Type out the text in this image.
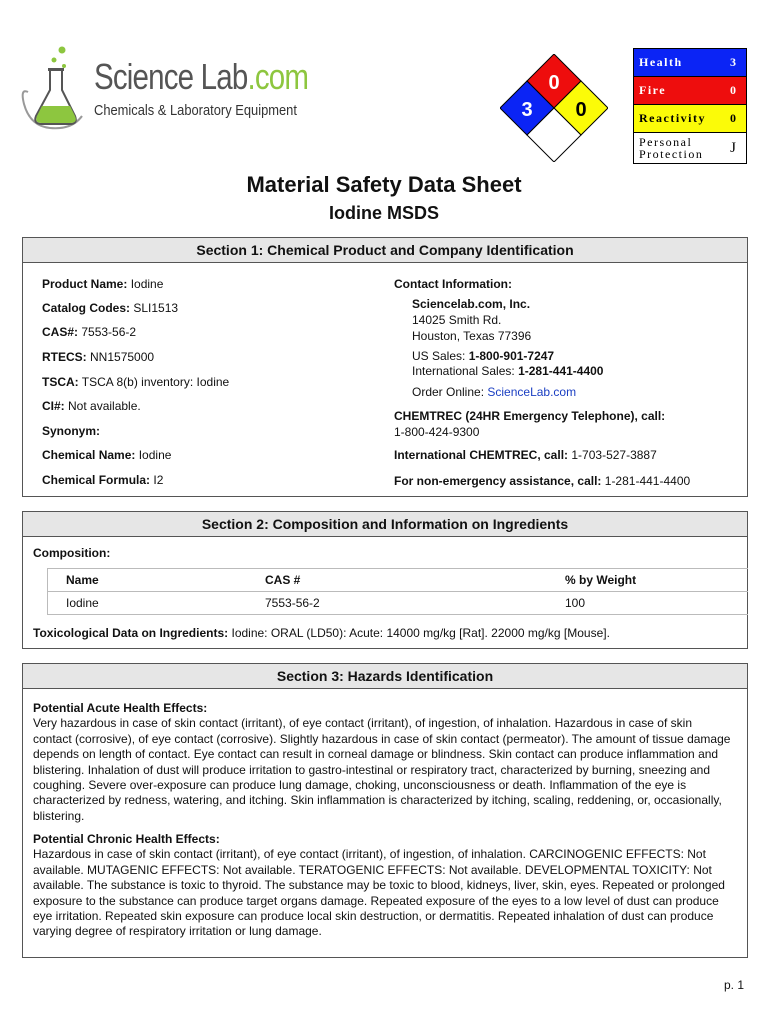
Science Lab.com
Chemicals & Laboratory Equipment
0
3 0
Health	3
Fire	0
Reactivity	0
Personal Protection	J
Material Safety Data Sheet
Iodine MSDS
Section 1: Chemical Product and Company Identification
Product Name: Iodine
Catalog Codes: SLI1513
CAS#: 7553-56-2
RTECS: NN1575000
TSCA: TSCA 8(b) inventory: Iodine
CI#: Not available.
Synonym:
Chemical Name: Iodine
Chemical Formula: I2
Contact Information:
Sciencelab.com, Inc.
14025 Smith Rd.
Houston, Texas 77396
US Sales: 1-800-901-7247
International Sales: 1-281-441-4400
Order Online: ScienceLab.com
CHEMTREC (24HR Emergency Telephone), call:
1-800-424-9300
International CHEMTREC, call: 1-703-527-3887
For non-emergency assistance, call: 1-281-441-4400
Section 2: Composition and Information on Ingredients
Composition:
Name	CAS #	% by Weight
Iodine	7553-56-2	100
Toxicological Data on Ingredients: Iodine: ORAL (LD50): Acute: 14000 mg/kg [Rat]. 22000 mg/kg [Mouse].
Section 3: Hazards Identification
Potential Acute Health Effects:
Very hazardous in case of skin contact (irritant), of eye contact (irritant), of ingestion, of inhalation. Hazardous in case of skin contact (corrosive), of eye contact (corrosive). Slightly hazardous in case of skin contact (permeator). The amount of tissue damage depends on length of contact. Eye contact can result in corneal damage or blindness. Skin contact can produce inflammation and blistering. Inhalation of dust will produce irritation to gastro-intestinal or respiratory tract, characterized by burning, sneezing and coughing. Severe over-exposure can produce lung damage, choking, unconsciousness or death. Inflammation of the eye is characterized by redness, watering, and itching. Skin inflammation is characterized by itching, scaling, reddening, or, occasionally, blistering.
Potential Chronic Health Effects:
Hazardous in case of skin contact (irritant), of eye contact (irritant), of ingestion, of inhalation. CARCINOGENIC EFFECTS: Not available. MUTAGENIC EFFECTS: Not available. TERATOGENIC EFFECTS: Not available. DEVELOPMENTAL TOXICITY: Not available. The substance is toxic to thyroid. The substance may be toxic to blood, kidneys, liver, skin, eyes. Repeated or prolonged exposure to the substance can produce target organs damage. Repeated exposure of the eyes to a low level of dust can produce eye irritation. Repeated skin exposure can produce local skin destruction, or dermatitis. Repeated inhalation of dust can produce varying degree of respiratory irritation or lung damage.
p. 1
